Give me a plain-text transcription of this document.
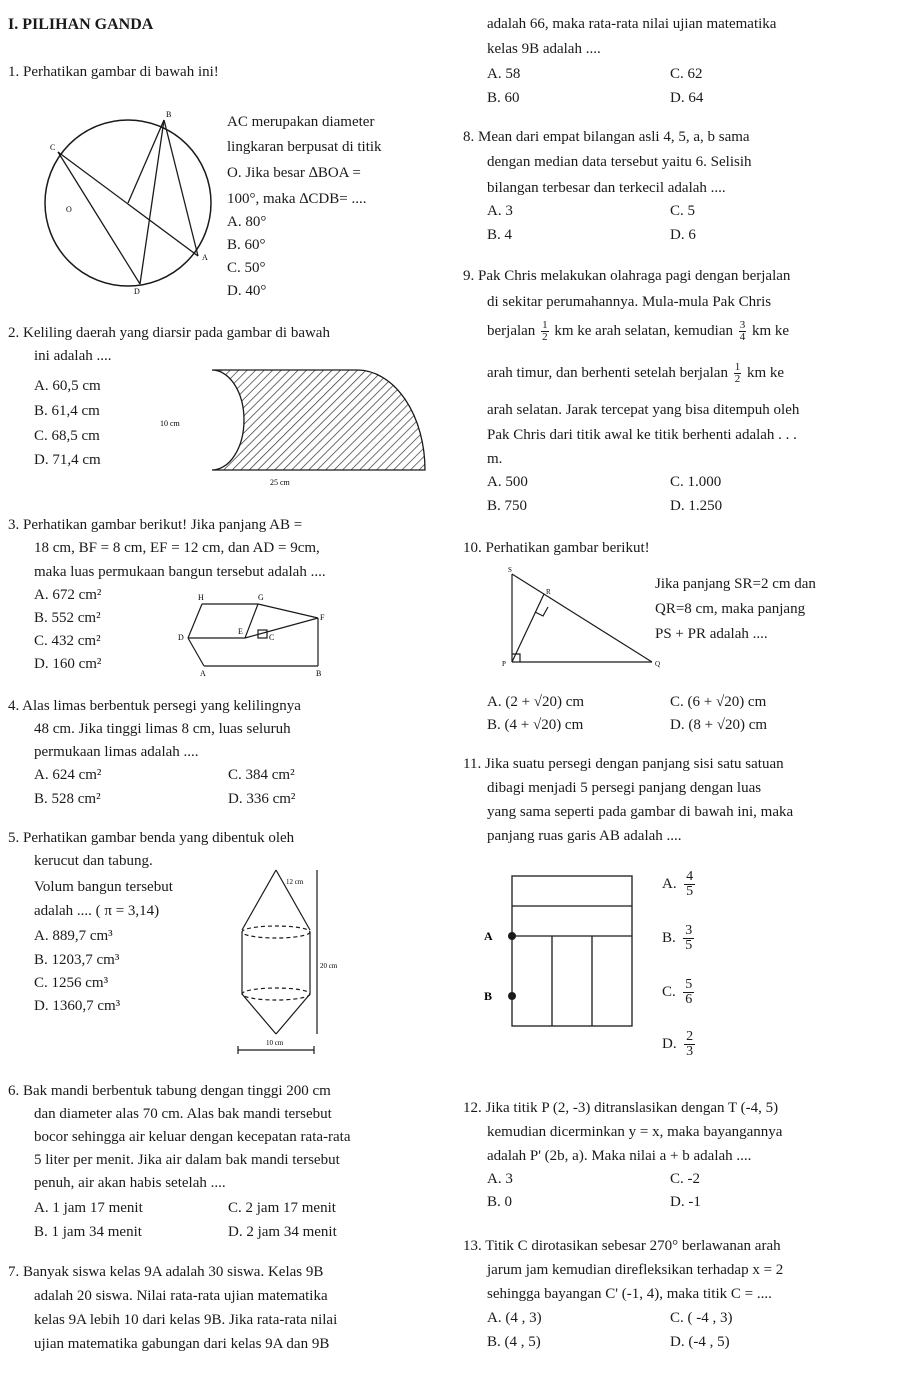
I. PILIHAN GANDA
1. Perhatikan gambar di bawah ini!
B
C
O
A
D
AC merupakan diameter
lingkaran berpusat di titik
O. Jika besar ∆BOA =
100°, maka ∆CDB= ....
A. 80°
B. 60°
C. 50°
D. 40°
2. Keliling daerah yang diarsir pada gambar di bawah
ini adalah ....
A. 60,5 cm
B. 61,4 cm
C. 68,5 cm
D. 71,4 cm
10 cm
25 cm
3. Perhatikan gambar berikut! Jika panjang AB =
18 cm, BF = 8 cm, EF = 12 cm, dan AD = 9cm,
maka luas permukaan bangun tersebut adalah ....
A. 672 cm²
B. 552 cm²
C. 432 cm²
D. 160 cm²
H	G
E
F
D	C
A	B
4. Alas limas berbentuk persegi yang kelilingnya
48 cm. Jika tinggi limas 8 cm, luas seluruh
permukaan limas adalah ....
A. 624 cm²	C. 384 cm²
B. 528 cm²	D. 336 cm²
5. Perhatikan gambar benda yang dibentuk oleh
kerucut dan tabung.
Volum bangun tersebut
adalah .... ( π = 3,14)
A. 889,7 cm³
B. 1203,7 cm³
C. 1256 cm³
D. 1360,7 cm³
12 cm
20 cm
10 cm
6. Bak mandi berbentuk tabung dengan tinggi 200 cm
dan diameter alas 70 cm. Alas bak mandi tersebut
bocor sehingga air keluar dengan kecepatan rata-rata
5 liter per menit. Jika air dalam bak mandi tersebut
penuh, air akan habis setelah ....
A. 1 jam 17 menit	C. 2 jam 17 menit
B. 1 jam 34 menit	D. 2 jam 34 menit
7. Banyak siswa kelas 9A adalah 30 siswa. Kelas 9B
adalah 20 siswa. Nilai rata-rata ujian matematika
kelas 9A lebih 10 dari kelas 9B. Jika rata-rata nilai
ujian matematika gabungan dari kelas 9A dan 9B
adalah 66, maka rata-rata nilai ujian matematika
kelas 9B adalah ....
A. 58	C. 62
B. 60	D. 64
8. Mean dari empat bilangan asli 4, 5, a, b sama
dengan median data tersebut yaitu 6. Selisih
bilangan terbesar dan terkecil adalah ....
A. 3	C. 5
B. 4	D. 6
9. Pak Chris melakukan olahraga pagi dengan berjalan
di sekitar perumahannya. Mula-mula Pak Chris
berjalan $\frac{1}{2}$ km ke arah selatan, kemudian $\frac{3}{4}$ km ke
arah timur, dan berhenti setelah berjalan $\frac{1}{2}$ km ke
arah selatan. Jarak tercepat yang bisa ditempuh oleh
Pak Chris dari titik awal ke titik berhenti adalah . . .
m.
A. 500	C. 1.000
B. 750	D. 1.250
10. Perhatikan gambar berikut!
S
R
P	Q
Jika panjang SR=2 cm dan
QR=8 cm, maka panjang
PS + PR adalah ....
A. (2 + √20) cm	C. (6 + √20) cm
B. (4 + √20) cm	D. (8 + √20) cm
11. Jika suatu persegi dengan panjang sisi satu satuan
dibagi menjadi 5 persegi panjang dengan luas
yang sama seperti pada gambar di bawah ini, maka
panjang ruas garis AB adalah ....
A
B
A. $\frac{4}{5}$
B. $\frac{3}{5}$
C. $\frac{5}{6}$
D. $\frac{2}{3}$
12. Jika titik P (2, -3) ditranslasikan dengan T (-4, 5)
kemudian dicerminkan y = x, maka bayangannya
adalah P' (2b, a). Maka nilai a + b adalah ....
A. 3	C. -2
B. 0	D. -1
13. Titik C dirotasikan sebesar 270° berlawanan arah
jarum jam kemudian direfleksikan terhadap x = 2
sehingga bayangan C' (-1, 4), maka titik C = ....
A. (4 , 3)	C. ( -4 , 3)
B. (4 , 5)	D. (-4 , 5)
